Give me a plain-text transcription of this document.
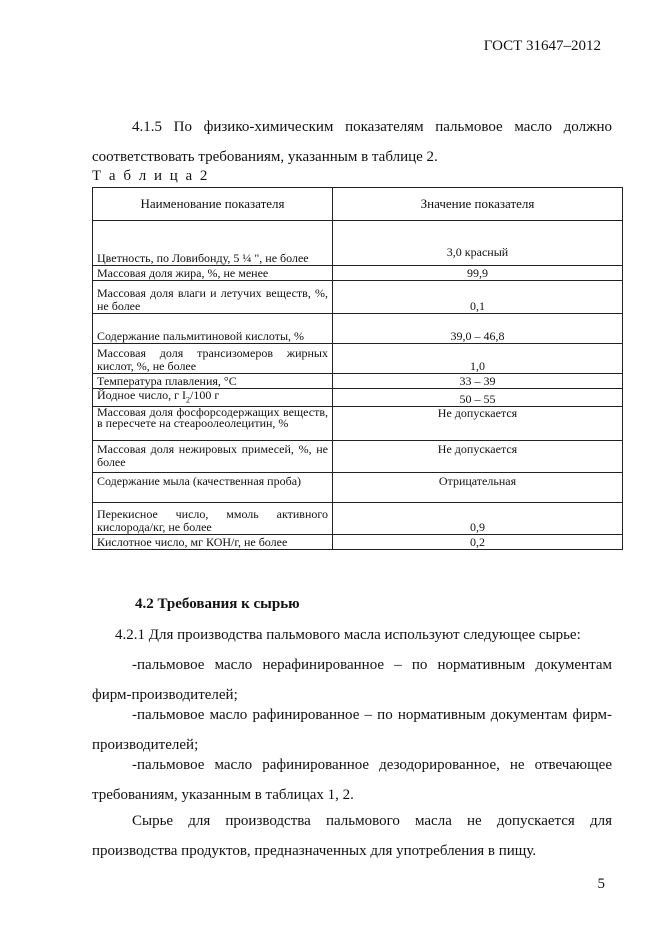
ГОСТ 31647–2012
4.1.5 По физико-химическим показателям пальмовое масло должно соответствовать требованиям, указанным в таблице 2.
Т а б л и ц а 2
Наименование показателя	Значение показателя
Цветность, по Ловибонду, 5 ¼ ", не более	3,0 красный
Массовая доля жира, %, не менее	99,9
Массовая доля влаги и летучих веществ, %, не более	0,1
Содержание пальмитиновой кислоты, %	39,0 – 46,8
Массовая доля трансизомеров жирных кислот, %, не более	1,0
Температура плавления, °С	33 – 39
Йодное число, г $I_2/100$ г	50 – 55
Массовая доля фосфорсодержащих веществ, в пересчете на стеароолеолецитин, %	Не допускается
Массовая доля нежировых примесей, %, не более	Не допускается
Содержание мыла (качественная проба)	Отрицательная
Перекисное число, ммоль активного кислорода/кг, не более	0,9
Кислотное число, мг КОН/г, не более	0,2
4.2 Требования к сырью
4.2.1 Для производства пальмового масла используют следующее сырье:
-пальмовое масло нерафинированное – по нормативным документам фирм-производителей;
-пальмовое масло рафинированное – по нормативным документам фирм-производителей;
-пальмовое масло рафинированное дезодорированное, не отвечающее требованиям, указанным в таблицах 1, 2.
Сырье для производства пальмового масла не допускается для производства продуктов, предназначенных для употребления в пищу.
5
